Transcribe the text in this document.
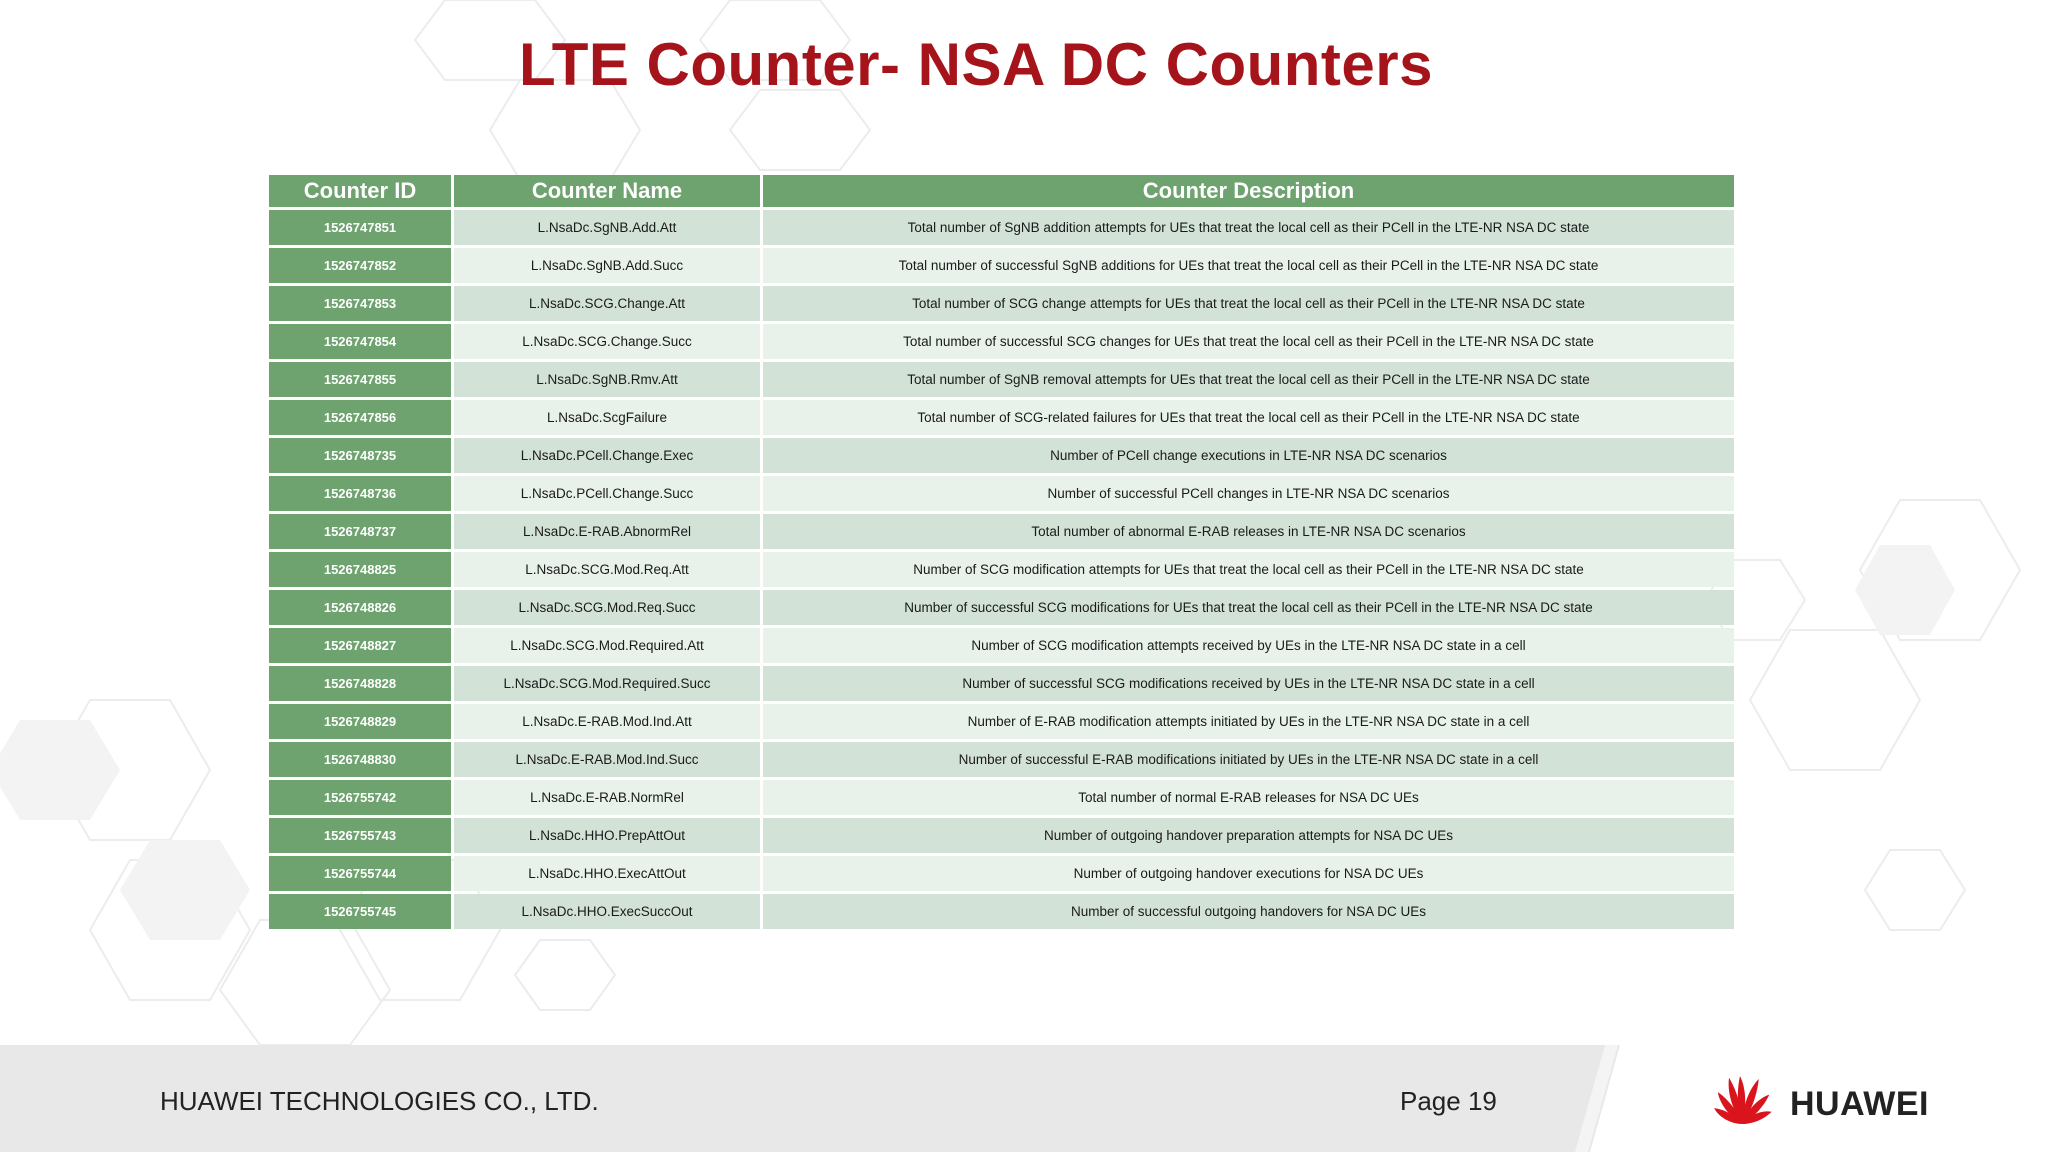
LTE Counter- NSA DC Counters
Counter ID	Counter Name	Counter Description
1526747851	L.NsaDc.SgNB.Add.Att	Total number of SgNB addition attempts for UEs that treat the local cell as their PCell in the LTE-NR NSA DC state
1526747852	L.NsaDc.SgNB.Add.Succ	Total number of successful SgNB additions for UEs that treat the local cell as their PCell in the LTE-NR NSA DC state
1526747853	L.NsaDc.SCG.Change.Att	Total number of SCG change attempts for UEs that treat the local cell as their PCell in the LTE-NR NSA DC state
1526747854	L.NsaDc.SCG.Change.Succ	Total number of successful SCG changes for UEs that treat the local cell as their PCell in the LTE-NR NSA DC state
1526747855	L.NsaDc.SgNB.Rmv.Att	Total number of SgNB removal attempts for UEs that treat the local cell as their PCell in the LTE-NR NSA DC state
1526747856	L.NsaDc.ScgFailure	Total number of SCG-related failures for UEs that treat the local cell as their PCell in the LTE-NR NSA DC state
1526748735	L.NsaDc.PCell.Change.Exec	Number of PCell change executions in LTE-NR NSA DC scenarios
1526748736	L.NsaDc.PCell.Change.Succ	Number of successful PCell changes in LTE-NR NSA DC scenarios
1526748737	L.NsaDc.E-RAB.AbnormRel	Total number of abnormal E-RAB releases in LTE-NR NSA DC scenarios
1526748825	L.NsaDc.SCG.Mod.Req.Att	Number of SCG modification attempts for UEs that treat the local cell as their PCell in the LTE-NR NSA DC state
1526748826	L.NsaDc.SCG.Mod.Req.Succ	Number of successful SCG modifications for UEs that treat the local cell as their PCell in the LTE-NR NSA DC state
1526748827	L.NsaDc.SCG.Mod.Required.Att	Number of SCG modification attempts received by UEs in the LTE-NR NSA DC state in a cell
1526748828	L.NsaDc.SCG.Mod.Required.Succ	Number of successful SCG modifications received by UEs in the LTE-NR NSA DC state in a cell
1526748829	L.NsaDc.E-RAB.Mod.Ind.Att	Number of E-RAB modification attempts initiated by UEs in the LTE-NR NSA DC state in a cell
1526748830	L.NsaDc.E-RAB.Mod.Ind.Succ	Number of successful E-RAB modifications initiated by UEs in the LTE-NR NSA DC state in a cell
1526755742	L.NsaDc.E-RAB.NormRel	Total number of normal E-RAB releases for NSA DC UEs
1526755743	L.NsaDc.HHO.PrepAttOut	Number of outgoing handover preparation attempts for NSA DC UEs
1526755744	L.NsaDc.HHO.ExecAttOut	Number of outgoing handover executions for NSA DC UEs
1526755745	L.NsaDc.HHO.ExecSuccOut	Number of successful outgoing handovers for NSA DC UEs
HUAWEI TECHNOLOGIES CO., LTD.	Page 19	HUAWEI
